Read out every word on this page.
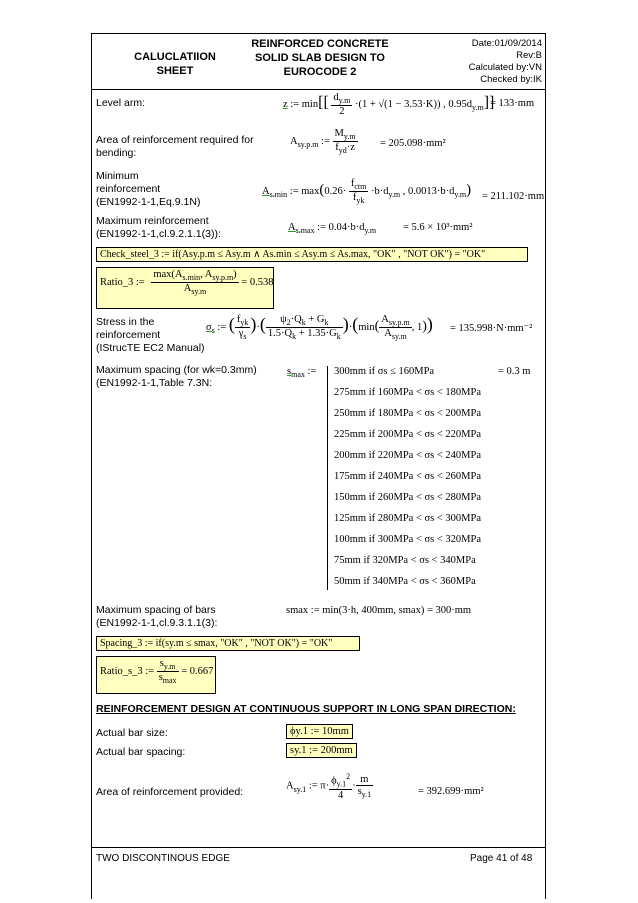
CALUCLATIION
SHEET
REINFORCED CONCRETE
SOLID SLAB DESIGN TO
EUROCODE 2
Date:01/09/2014
Rev:B
Calculated by:VN
Checked by:IK
Level arm:	z := $\min[[ \frac{d_{y.m}}{2} \cdot(1 + √(1 - 3.53\cdot K))$ , $0.95d_{y.m}$]]
= 133·mm
Area of reinforcement required for
bending:
$A_{sy.p.m}$ := $\frac{M_{y.m}}{f_{yd}\cdot z} = 205.098\cdot mm^2$
Minimum
reinforcement
(EN1992-1-1,Eq.9.1N)
$A_{s.min}$ := $\max(0.26\cdot \frac{f_{ctm}}{f_{yk}} \cdot b\cdot d_{y.m}$ , $0.0013\cdot b\cdot d_{y.m}) = 211.102\cdot mm$
Maximum reinforcement
(EN1992-1-1,cl.9.2.1.1(3)):
$A_{s.max}$ := $0.04\cdot b\cdot d_{y.m}$	= 5.6 × 10³·mm²
Check_steel_3 := if(Asy.p.m ≤ Asy.m ∧ As.min ≤ Asy.m ≤ As.max, "OK" , "NOT OK") = "OK"
Ratio_3 := $\frac{\max(A_{s.min}, A_{sy.p.m})}{A_{sy.m}} = 0.538$
Stress in the
reinforcement
(IStrucTE EC2 Manual)
$\sigma_s$ := ( $\frac{f_{yk}}{\gamma_s}$ )·( $\frac{\psi_2\cdot Q_k + G_k}{1.5\cdot Q_k + 1.35\cdot G_k} )\cdot(\min( \frac{A_{sy.p.m}}{A_{sy.m}}$ , 1)) = 135.998·N·mm⁻²
Maximum spacing (for wk=0.3mm)
(EN1992-1-1,Table 7.3N:
$s_{max}$ := 300mm if σs ≤ 160MPa
275mm if 160MPa < σs < 180MPa
250mm if 180MPa < σs < 200MPa
225mm if 200MPa < σs < 220MPa
200mm if 220MPa < σs < 240MPa
175mm if 240MPa < σs < 260MPa
150mm if 260MPa < σs < 280MPa
125mm if 280MPa < σs < 300MPa
100mm if 300MPa < σs < 320MPa
75mm if 320MPa < σs < 340MPa
50mm if 340MPa < σs < 360MPa
= 0.3 m
Maximum spacing of bars
(EN1992-1-1,cl.9.3.1.1(3):
smax := min(3·h, 400mm, smax) = 300·mm
Spacing_3 := if(sy.m ≤ smax, "OK" , "NOT OK") = "OK"
Ratio_s_3 := $\frac{s_{y.m}}{s_{max}} = 0.667$
REINFORCEMENT DESIGN AT CONTINUOUS SUPPORT IN LONG SPAN DIRECTION:
Actual bar size:	ϕy.1 := 10mm
Actual bar spacing:	sy.1 := 200mm
Area of reinforcement provided:	$A_{sy.1}$ := $\pi\cdot \frac{\phi_{y.1}^2}{4} \cdot \frac{m}{s_{y.1}}$	= 392.699·mm²
TWO DISCONTINOUS EDGE	Page 41 of 48
